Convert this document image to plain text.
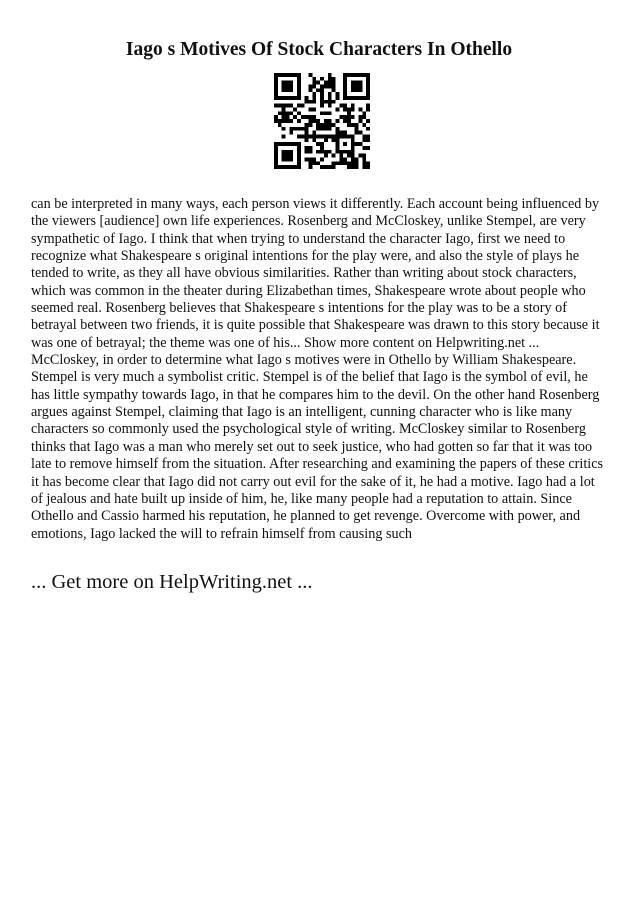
Iago s Motives Of Stock Characters In Othello

can be interpreted in many ways, each person views it differently. Each account being influenced by the viewers [audience] own life experiences. Rosenberg and McCloskey, unlike Stempel, are very sympathetic of Iago. I think that when trying to understand the character Iago, first we need to recognize what Shakespeare s original intentions for the play were, and also the style of plays he tended to write, as they all have obvious similarities. Rather than writing about stock characters, which was common in the theater during Elizabethan times, Shakespeare wrote about people who seemed real. Rosenberg believes that Shakespeare s intentions for the play was to be a story of betrayal between two friends, it is quite possible that Shakespeare was drawn to this story because it was one of betrayal; the theme was one of his... Show more content on Helpwriting.net ...

McCloskey, in order to determine what Iago s motives were in Othello by William Shakespeare. Stempel is very much a symbolist critic. Stempel is of the belief that Iago is the symbol of evil, he has little sympathy towards Iago, in that he compares him to the devil. On the other hand Rosenberg argues against Stempel, claiming that Iago is an intelligent, cunning character who is like many characters so commonly used the psychological style of writing. McCloskey similar to Rosenberg thinks that Iago was a man who merely set out to seek justice, who had gotten so far that it was too late to remove himself from the situation. After researching and examining the papers of these critics it has become clear that Iago did not carry out evil for the sake of it, he had a motive. Iago had a lot of jealous and hate built up inside of him, he, like many people had a reputation to attain. Since Othello and Cassio harmed his reputation, he planned to get revenge. Overcome with power, and emotions, Iago lacked the will to refrain himself from causing such

... Get more on HelpWriting.net ...
